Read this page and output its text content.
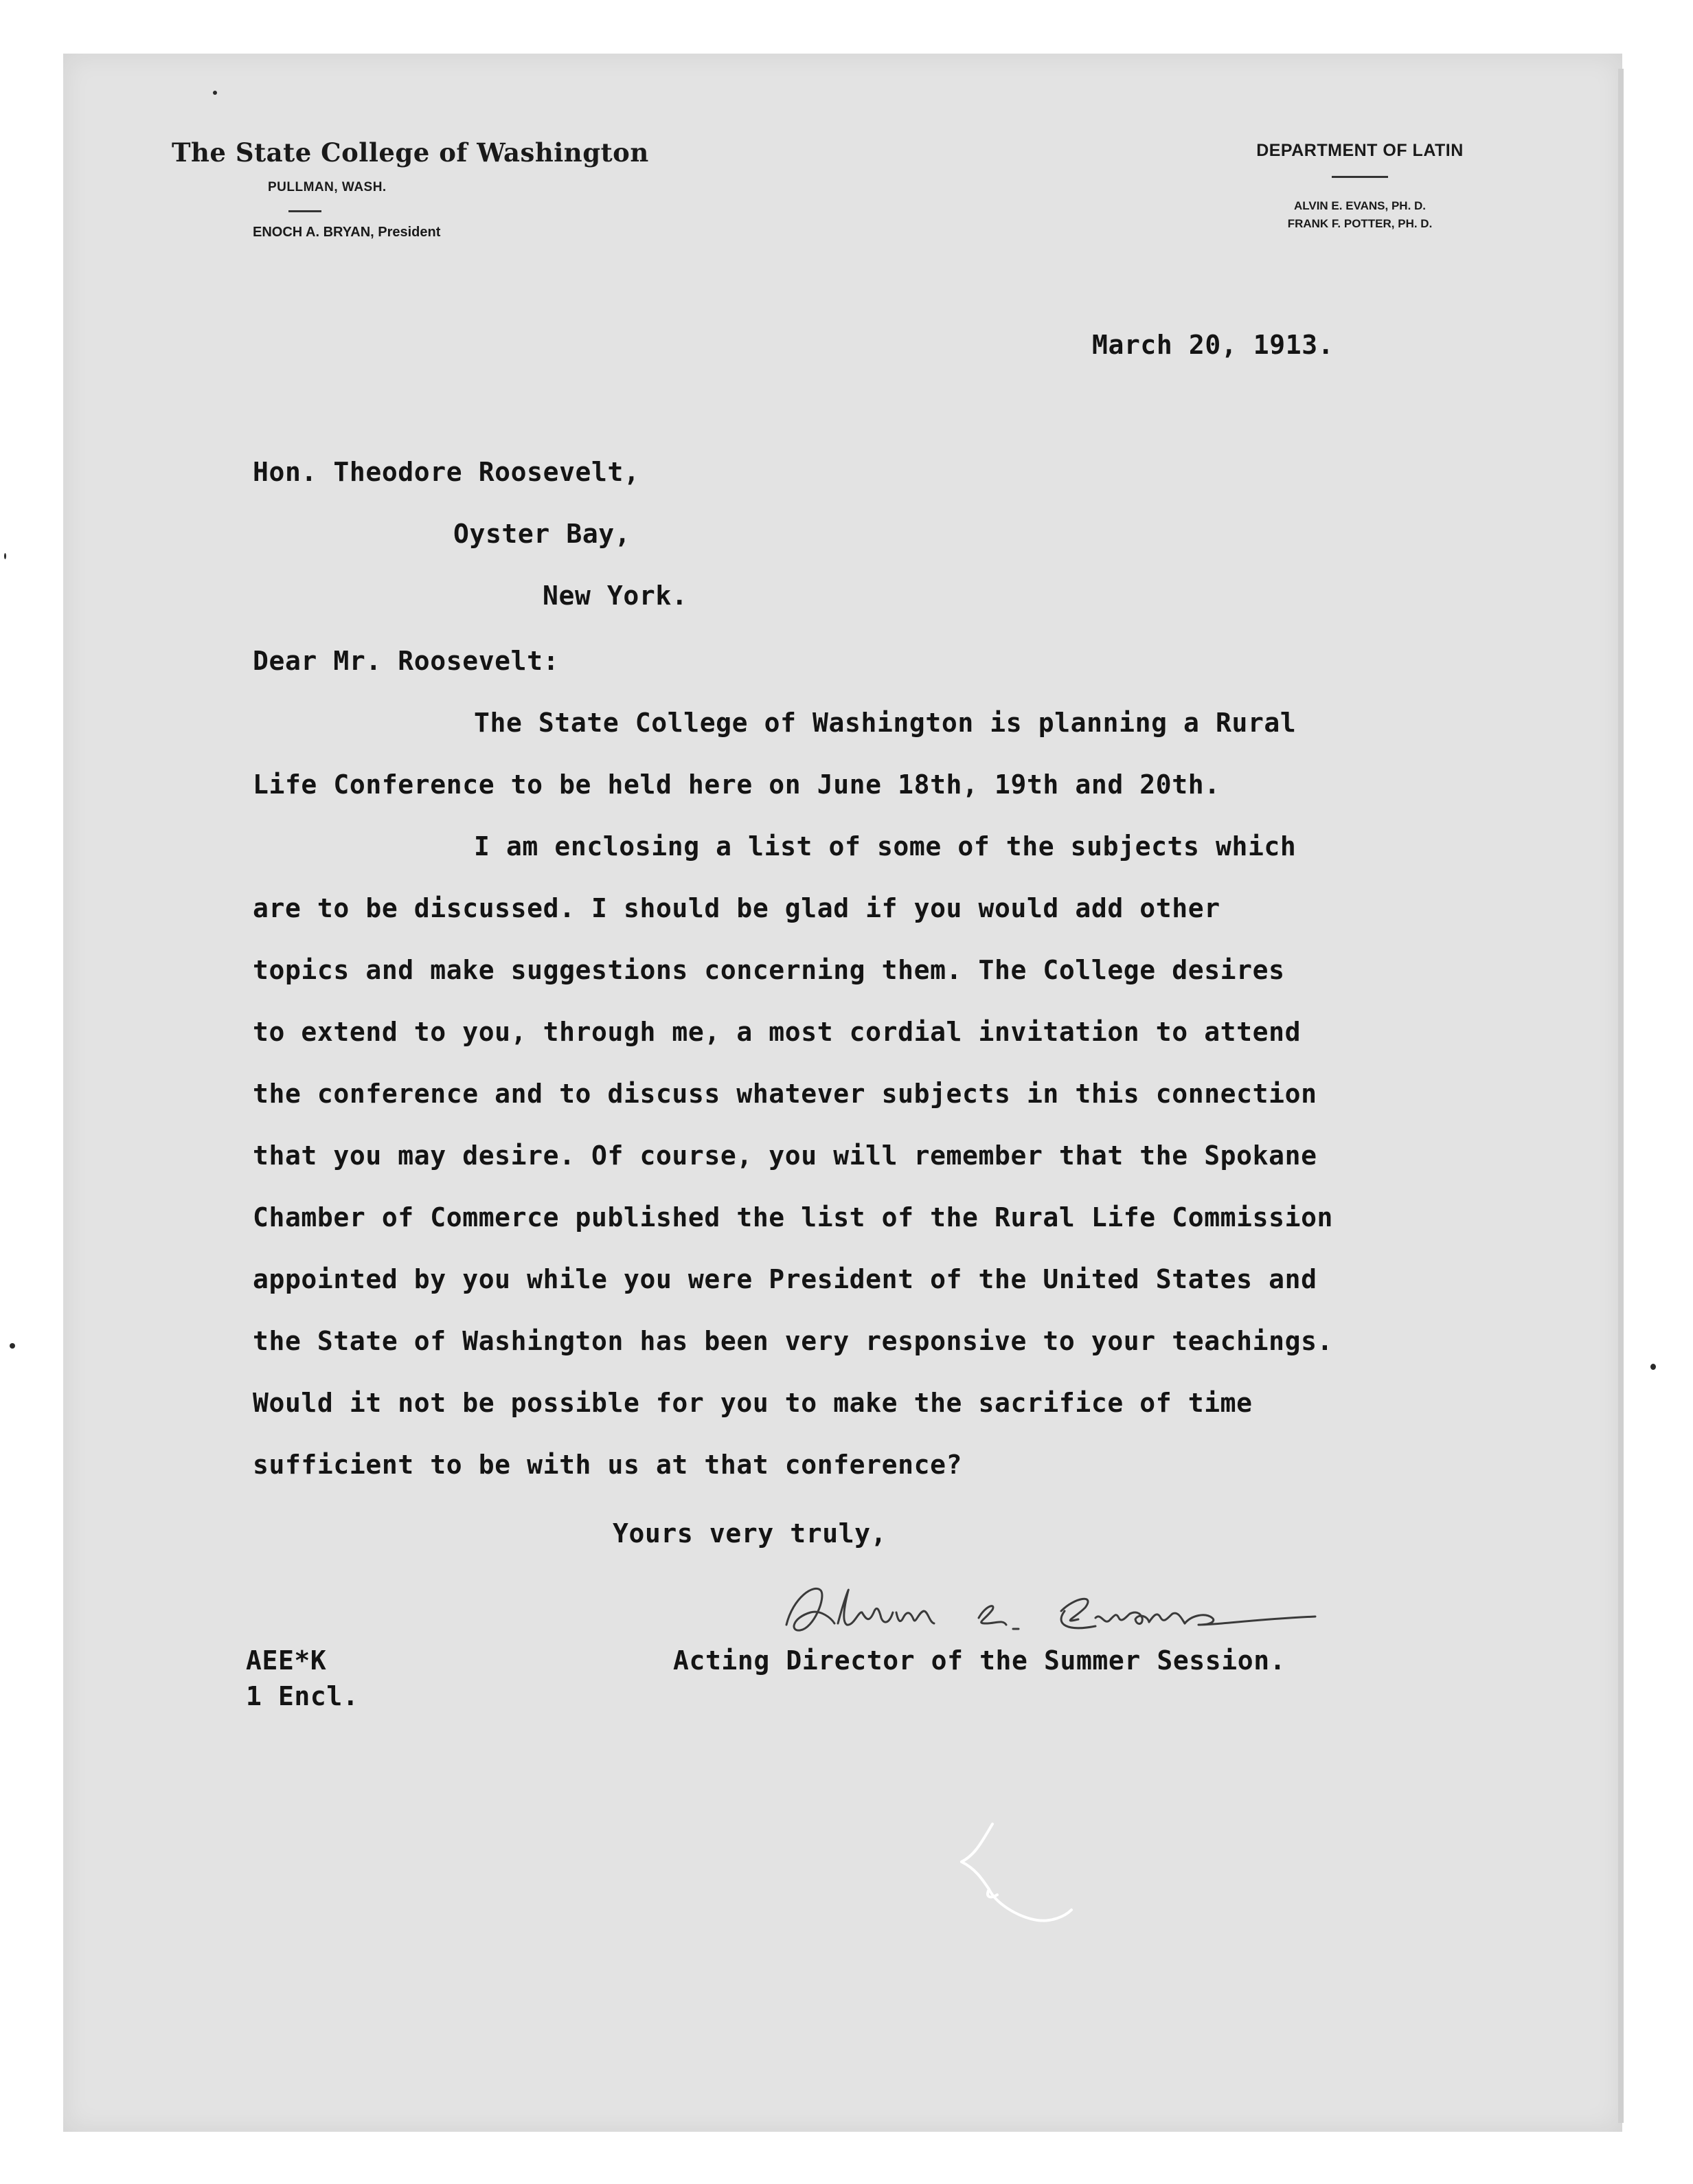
The State College of Washington
PULLMAN, WASH.
ENOCH A. BRYAN, President
DEPARTMENT OF LATIN
ALVIN E. EVANS, PH. D.
FRANK F. POTTER, PH. D.
March 20, 1913.
Hon. Theodore Roosevelt,
Oyster Bay,
New York.
Dear Mr. Roosevelt:
The State College of Washington is planning a Rural
Life Conference to be held here on June 18th, 19th and 20th.
I am enclosing a list of some of the subjects which
are to be discussed. I should be glad if you would add other
topics and make suggestions concerning them. The College desires
to extend to you, through me, a most cordial invitation to attend
the conference and to discuss whatever subjects in this connection
that you may desire. Of course, you will remember that the Spokane
Chamber of Commerce published the list of the Rural Life Commission
appointed by you while you were President of the United States and
the State of Washington has been very responsive to your teachings.
Would it not be possible for you to make the sacrifice of time
sufficient to be with us at that conference?
Yours very truly,
Acting Director of the Summer Session.
AEE*K
1 Encl.
